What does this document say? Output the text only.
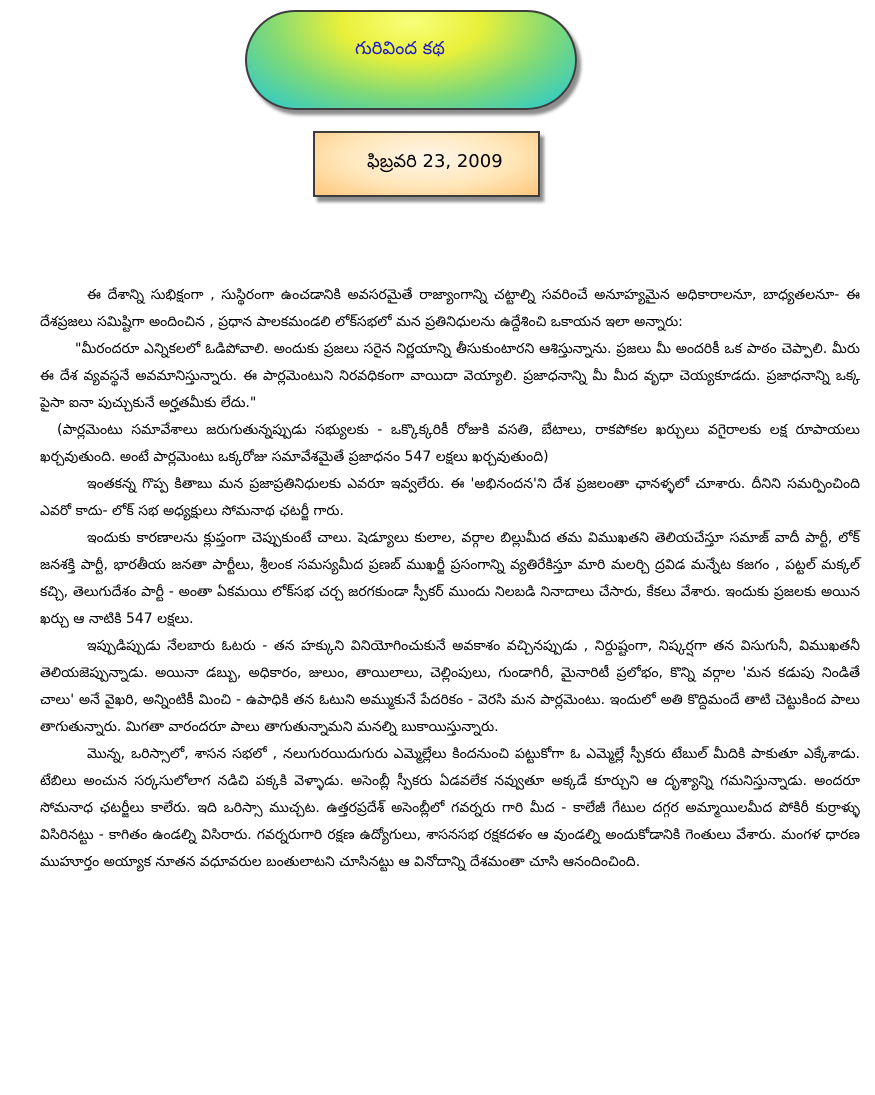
గురివింద కథ
ఫిబ్రవరి 23, 2009

ఈ దేశాన్ని సుభిక్షంగా , సుస్థిరంగా ఉంచడానికి అవసరమైతే రాజ్యాంగాన్ని చట్టాల్ని సవరించే అనూహ్యమైన అధికారాలనూ, బాధ్యతలనూ- ఈ దేశప్రజలు సమిష్టిగా అందించిన , ప్రధాన పాలకమండలి లోక్‌సభలో మన ప్రతినిధులను ఉద్దేశించి ఒకాయన ఇలా అన్నారు:

"మీరందరూ ఎన్నికలలో ఓడిపోవాలి. అందుకు ప్రజలు సరైన నిర్ణయాన్ని తీసుకుంటారని ఆశిస్తున్నాను. ప్రజలు మీ అందరికీ ఒక పాఠం చెప్పాలి. మీరు ఈ దేశ వ్యవస్థనే అవమానిస్తున్నారు. ఈ పార్లమెంటుని నిరవధికంగా వాయిదా వెయ్యాలి. ప్రజాధనాన్ని మీ మీద వృధా చెయ్యకూడదు. ప్రజాధనాన్ని ఒక్క పైసా ఐనా పుచ్చుకునే అర్హతమీకు లేదు."

(పార్లమెంటు సమావేశాలు జరుగుతున్నప్పుడు సభ్యులకు - ఒక్కొక్కరికీ రోజుకి వసతి, బేటాలు, రాకపోకల ఖర్చులు వగైరాలకు లక్ష రూపాయలు ఖర్చవుతుంది. అంటే పార్లమెంటు ఒక్కరోజు సమావేశమైతే ప్రజాధనం 547 లక్షలు ఖర్చవుతుంది)

ఇంతకన్న గొప్ప కితాబు మన ప్రజాప్రతినిధులకు ఎవరూ ఇవ్వలేరు. ఈ 'అభినందన'ని దేశ ప్రజలంతా ఛానళ్ళలో చూశారు. దీనిని సమర్పించింది ఎవరో కాదు- లోక్ సభ అధ్యక్షులు సోమనాథ ఛటర్జీ గారు.

ఇందుకు కారణాలను క్లుప్తంగా చెప్పుకుంటే చాలు. షెడ్యూలు కులాల, వర్గాల బిల్లుమీద తమ విముఖతని తెలియచేస్తూ సమాజ్ వాదీ పార్టీ, లోక్ జనశక్తి పార్టీ, భారతీయ జనతా పార్టీలు, శ్రీలంక సమస్యమీద ప్రణబ్ ముఖర్జీ ప్రసంగాన్ని వ్యతిరేకిస్తూ మారి మలర్చి ద్రవిడ మన్నేట కజగం , పట్టల్ మక్కల్ కచ్చి, తెలుగుదేశం పార్టీ - అంతా ఏకమయి లోక్‌సభ చర్చ జరగకుండా స్పీకర్ ముందు నిలబడి నినాదాలు చేసారు, కేకలు వేశారు. ఇందుకు ప్రజలకు అయిన ఖర్చు ఆ నాటికి 547 లక్షలు.

ఇప్పుడిప్పుడు నేలబారు ఓటరు - తన హక్కుని వినియోగించుకునే అవకాశం వచ్చినప్పుడు , నిర్దుష్టంగా, నిష్కర్షగా తన విసుగునీ, విముఖతనీ తెలియజెప్పున్నాడు. అయినా డబ్బు, అధికారం, జులుం, తాయిలాలు, చెల్లింపులు, గుండాగిరీ, మైనారిటీ ప్రలోభం, కొన్ని వర్గాల 'మన కడుపు నిండితే చాలు' అనే వైఖరి, అన్నింటికీ మించి - ఉపాధికి తన ఓటుని అమ్ముకునే పేదరికం - వెరసి మన పార్లమెంటు. ఇందులో అతి కొద్దిమందే తాటి చెట్టుకింద పాలు తాగుతున్నారు. మిగతా వారందరూ పాలు తాగుతున్నామని మనల్ని బుకాయిస్తున్నారు.

మొన్న, ఒరిస్సాలో, శాసన సభలో , నలుగురయిదుగురు ఎమ్మెల్లేలు కిందనుంచి పట్టుకోగా ఓ ఎమ్మెల్లే స్పీకరు టేబుల్ మీదికి పాకుతూ ఎక్కేశాడు. టేబిలు అంచున సర్కసులోలాగ నడిచి పక్కకి వెళ్ళాడు. అసెంబ్లీ స్పీకరు ఏడవలేక నవ్వుతూ అక్కడే కూర్చుని ఆ దృశ్యాన్ని గమనిస్తున్నాడు. అందరూ సోమనాధ ఛటర్జీలు కాలేరు. ఇది ఒరిస్సా ముచ్చట. ఉత్తరప్రదేశ్ అసెంబ్లీలో గవర్నరు గారి మీద - కాలేజీ గేటుల దగ్గర అమ్మాయిలమీద పోకిరీ కుర్రాళ్ళు విసిరినట్టు - కాగితం ఉండల్ని విసిరారు. గవర్నరుగారి రక్షణ ఉద్యోగులు, శాసనసభ రక్షకదళం ఆ వుండల్ని అందుకోడానికి గెంతులు వేశారు. మంగళ ధారణ ముహూర్తం అయ్యాక నూతన వధూవరుల బంతులాటని చూసినట్టు ఆ వినోదాన్ని దేశమంతా చూసి ఆనందించింది.
